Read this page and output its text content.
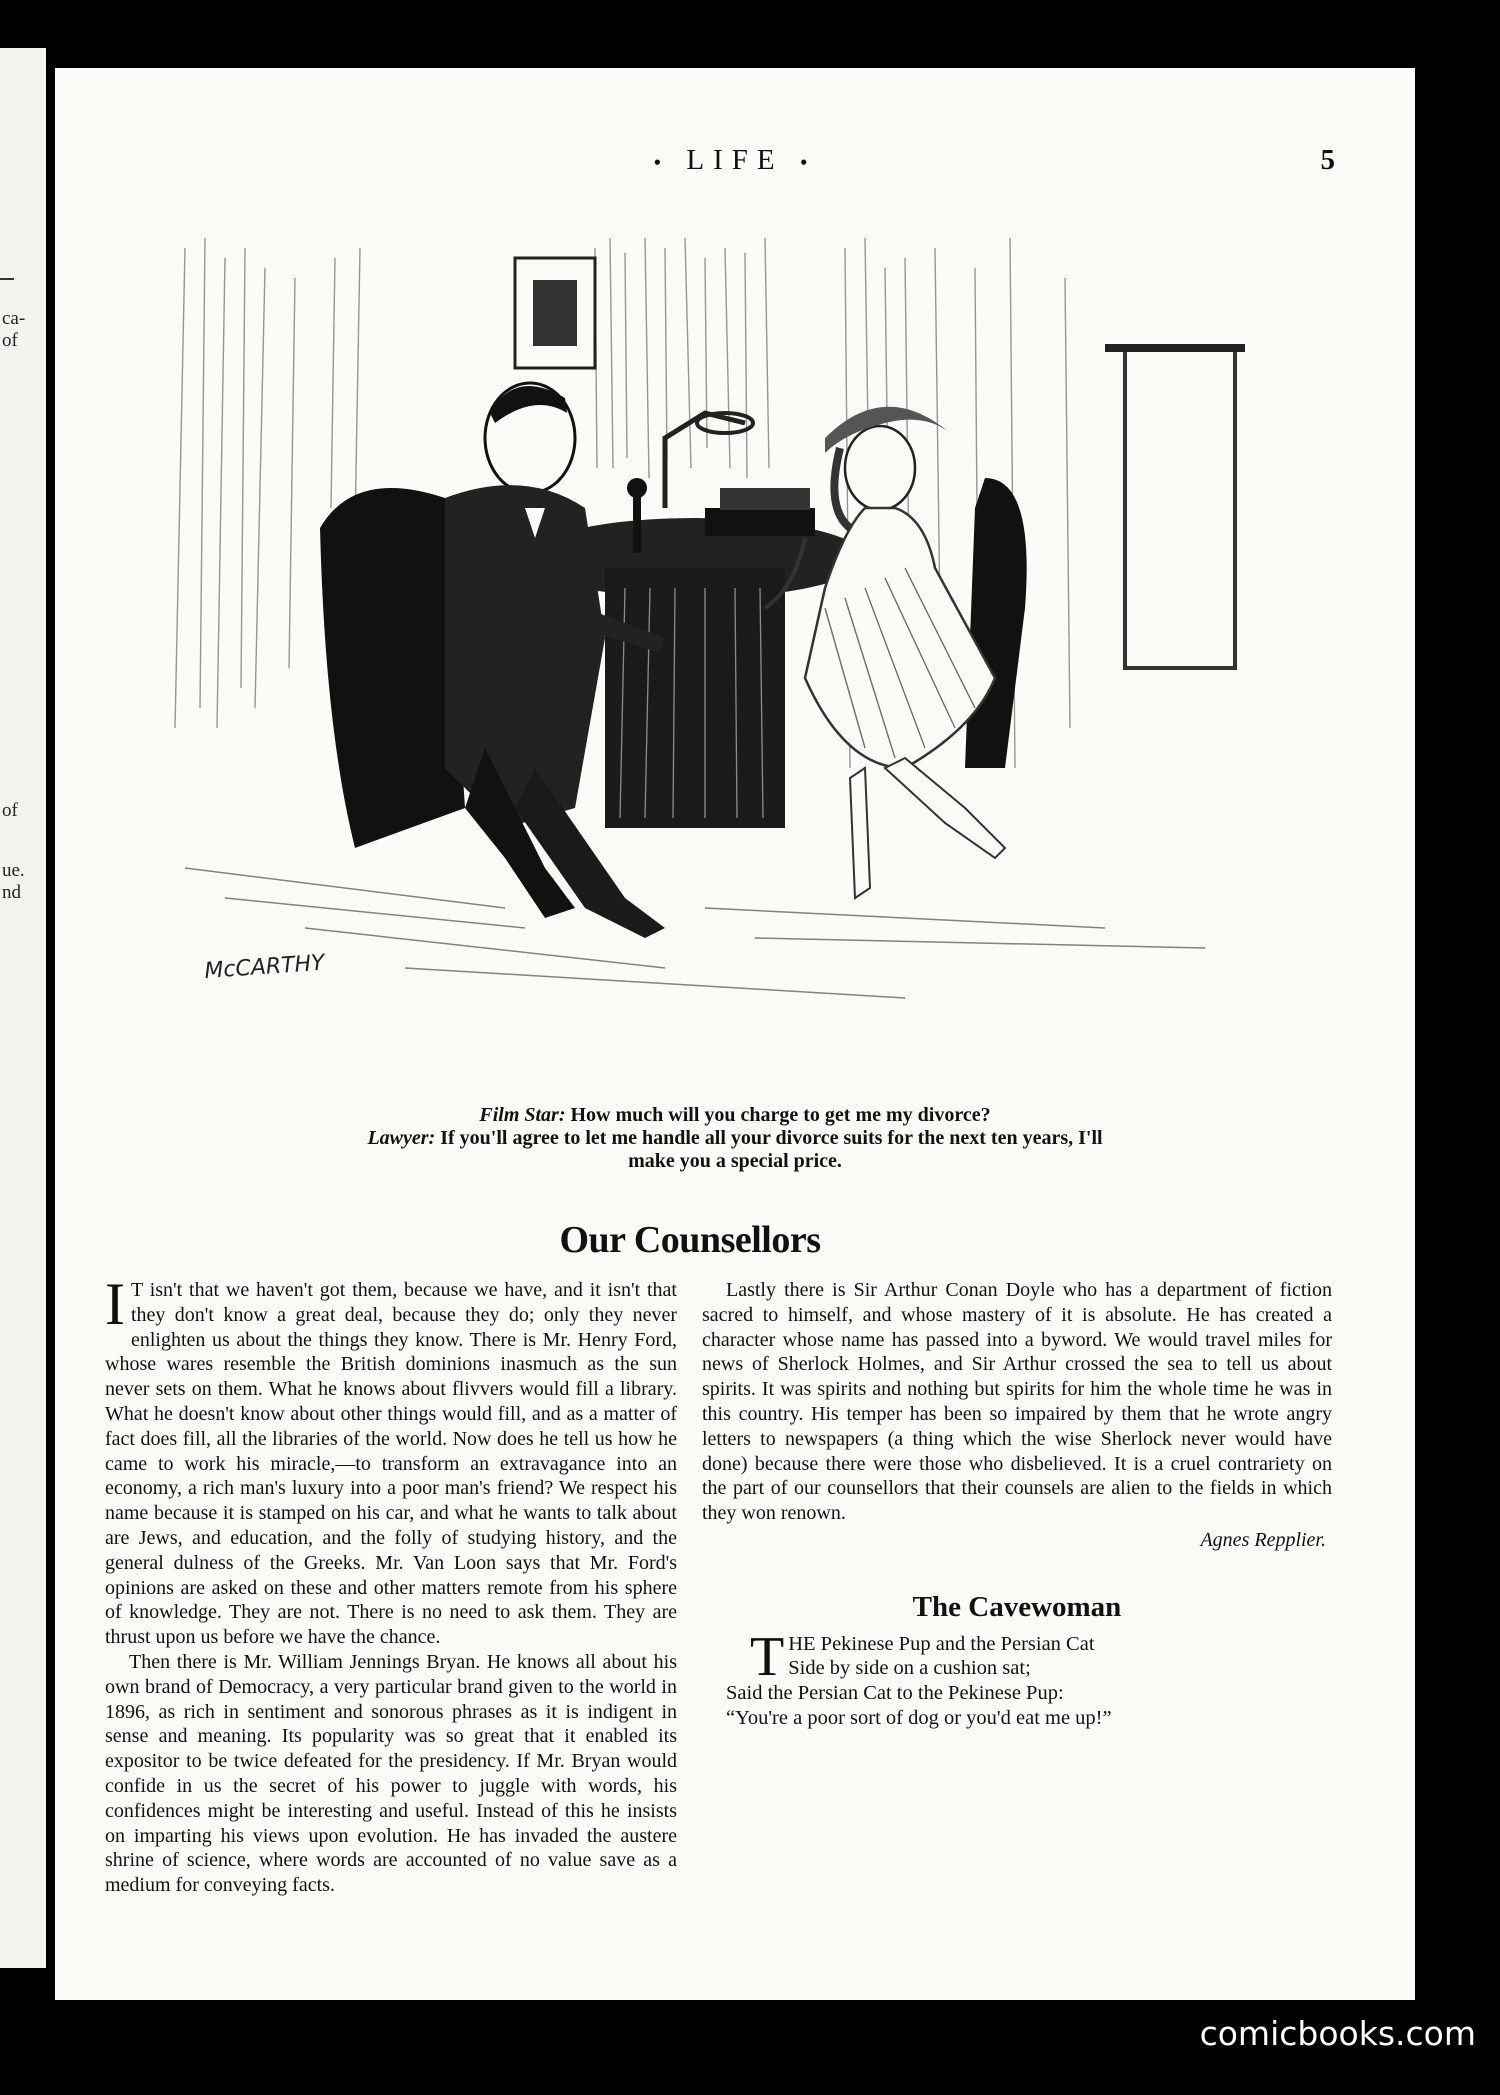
ca-
of
of
ue.
nd
• LIFE •	5
McCARTHY
Film Star: How much will you charge to get me my divorce?
Lawyer: If you'll agree to let me handle all your divorce suits for the next ten years, I'll
make you a special price.
Our Counsellors

I T isn't that we haven't got them, because we have, and it isn't that they don't know a great deal, because they do; only they never enlighten us about the things they know. There is Mr. Henry Ford, whose wares resemble the British dominions inasmuch as the sun never sets on them. What he knows about flivvers would fill a library. What he doesn't know about other things would fill, and as a matter of fact does fill, all the libraries of the world. Now does he tell us how he came to work his miracle,—to transform an extravagance into an economy, a rich man's luxury into a poor man's friend? We respect his name because it is stamped on his car, and what he wants to talk about are Jews, and education, and the folly of studying history, and the general dulness of the Greeks. Mr. Van Loon says that Mr. Ford's opinions are asked on these and other matters remote from his sphere of knowledge. They are not. There is no need to ask them. They are thrust upon us before we have the chance.

Then there is Mr. William Jennings Bryan. He knows all about his own brand of Democracy, a very particular brand given to the world in 1896, as rich in sentiment and sonorous phrases as it is indigent in sense and meaning. Its popularity was so great that it enabled its expositor to be twice defeated for the presidency. If Mr. Bryan would confide in us the secret of his power to juggle with words, his confidences might be interesting and useful. Instead of this he insists on imparting his views upon evolution. He has invaded the austere shrine of science, where words are accounted of no value save as a medium for conveying facts.

Lastly there is Sir Arthur Conan Doyle who has a department of fiction sacred to himself, and whose mastery of it is absolute. He has created a character whose name has passed into a byword. We would travel miles for news of Sherlock Holmes, and Sir Arthur crossed the sea to tell us about spirits. It was spirits and nothing but spirits for him the whole time he was in this country. His temper has been so impaired by them that he wrote angry letters to newspapers (a thing which the wise Sherlock never would have done) because there were those who disbelieved. It is a cruel contrariety on the part of our counsellors that their counsels are alien to the fields in which they won renown.

Agnes Repplier.
The Cavewoman
T HE Pekinese Pup and the Persian Cat
Side by side on a cushion sat;
Said the Persian Cat to the Pekinese Pup:
“You're a poor sort of dog or you'd eat me up!”
comicbooks.com
